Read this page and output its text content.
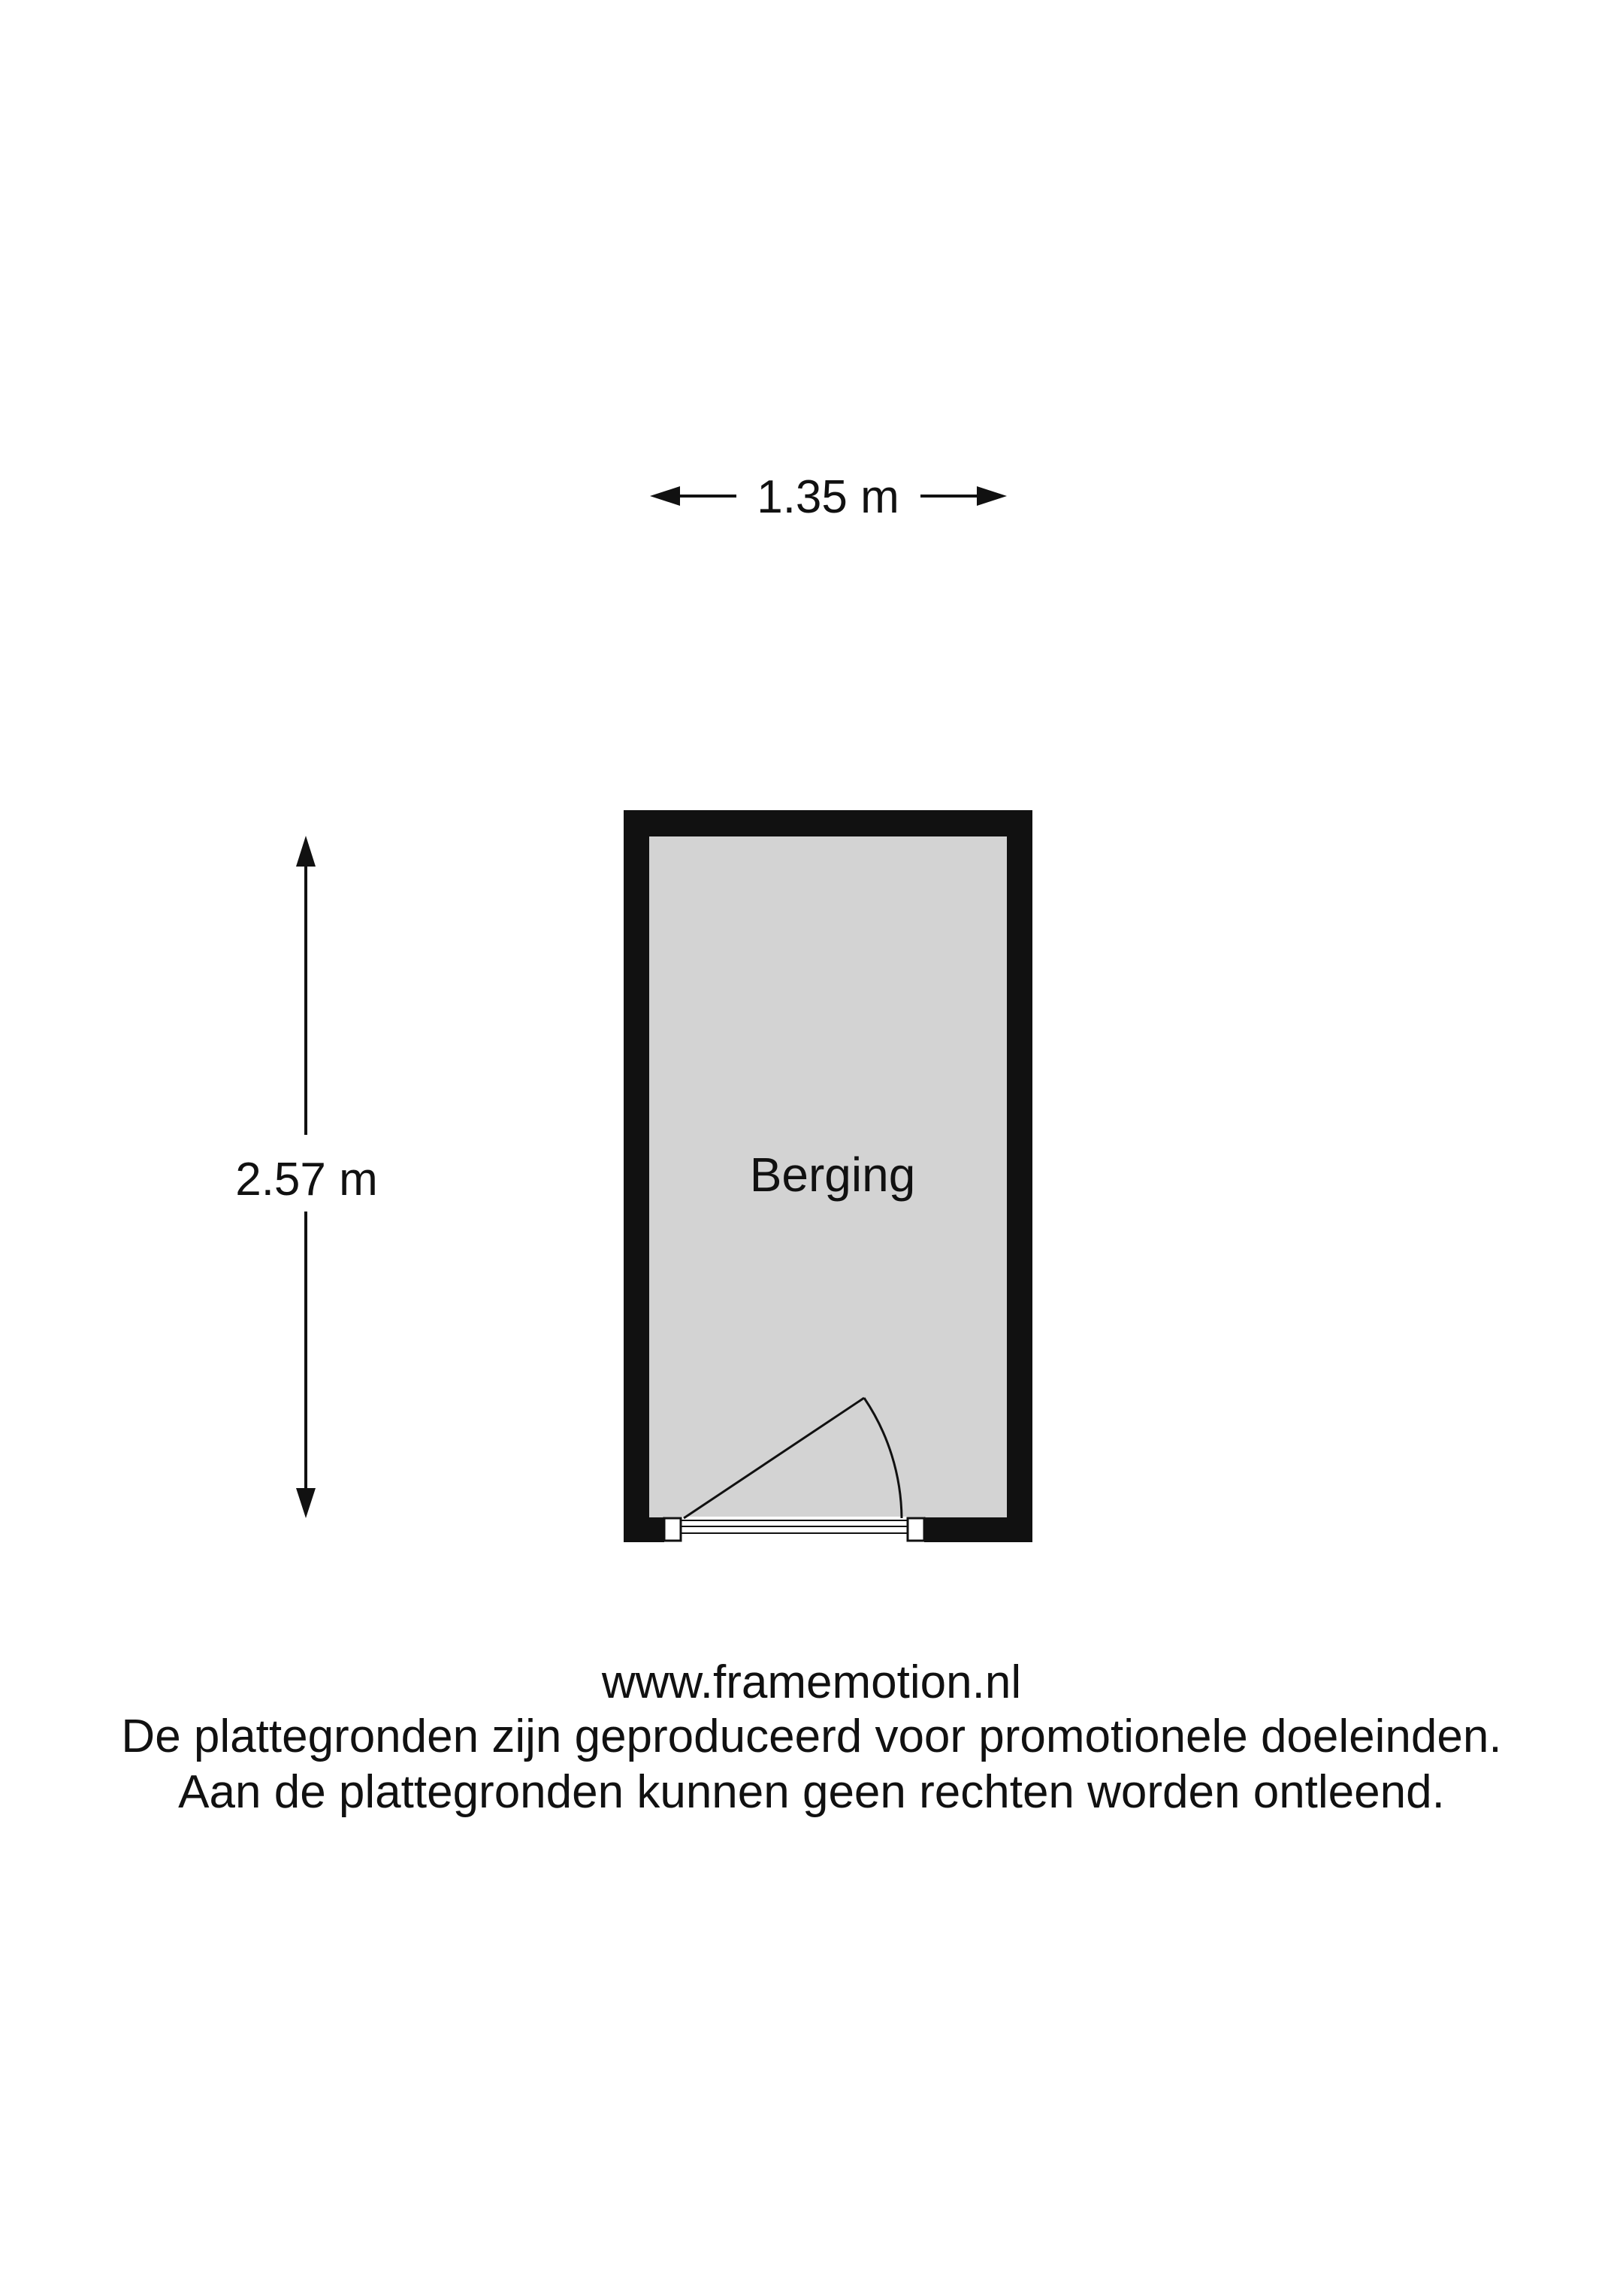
1.35 m
2.57 m	Berging
www.framemotion.nl
De plattegronden zijn geproduceerd voor promotionele doeleinden.
Aan de plattegronden kunnen geen rechten worden ontleend.
